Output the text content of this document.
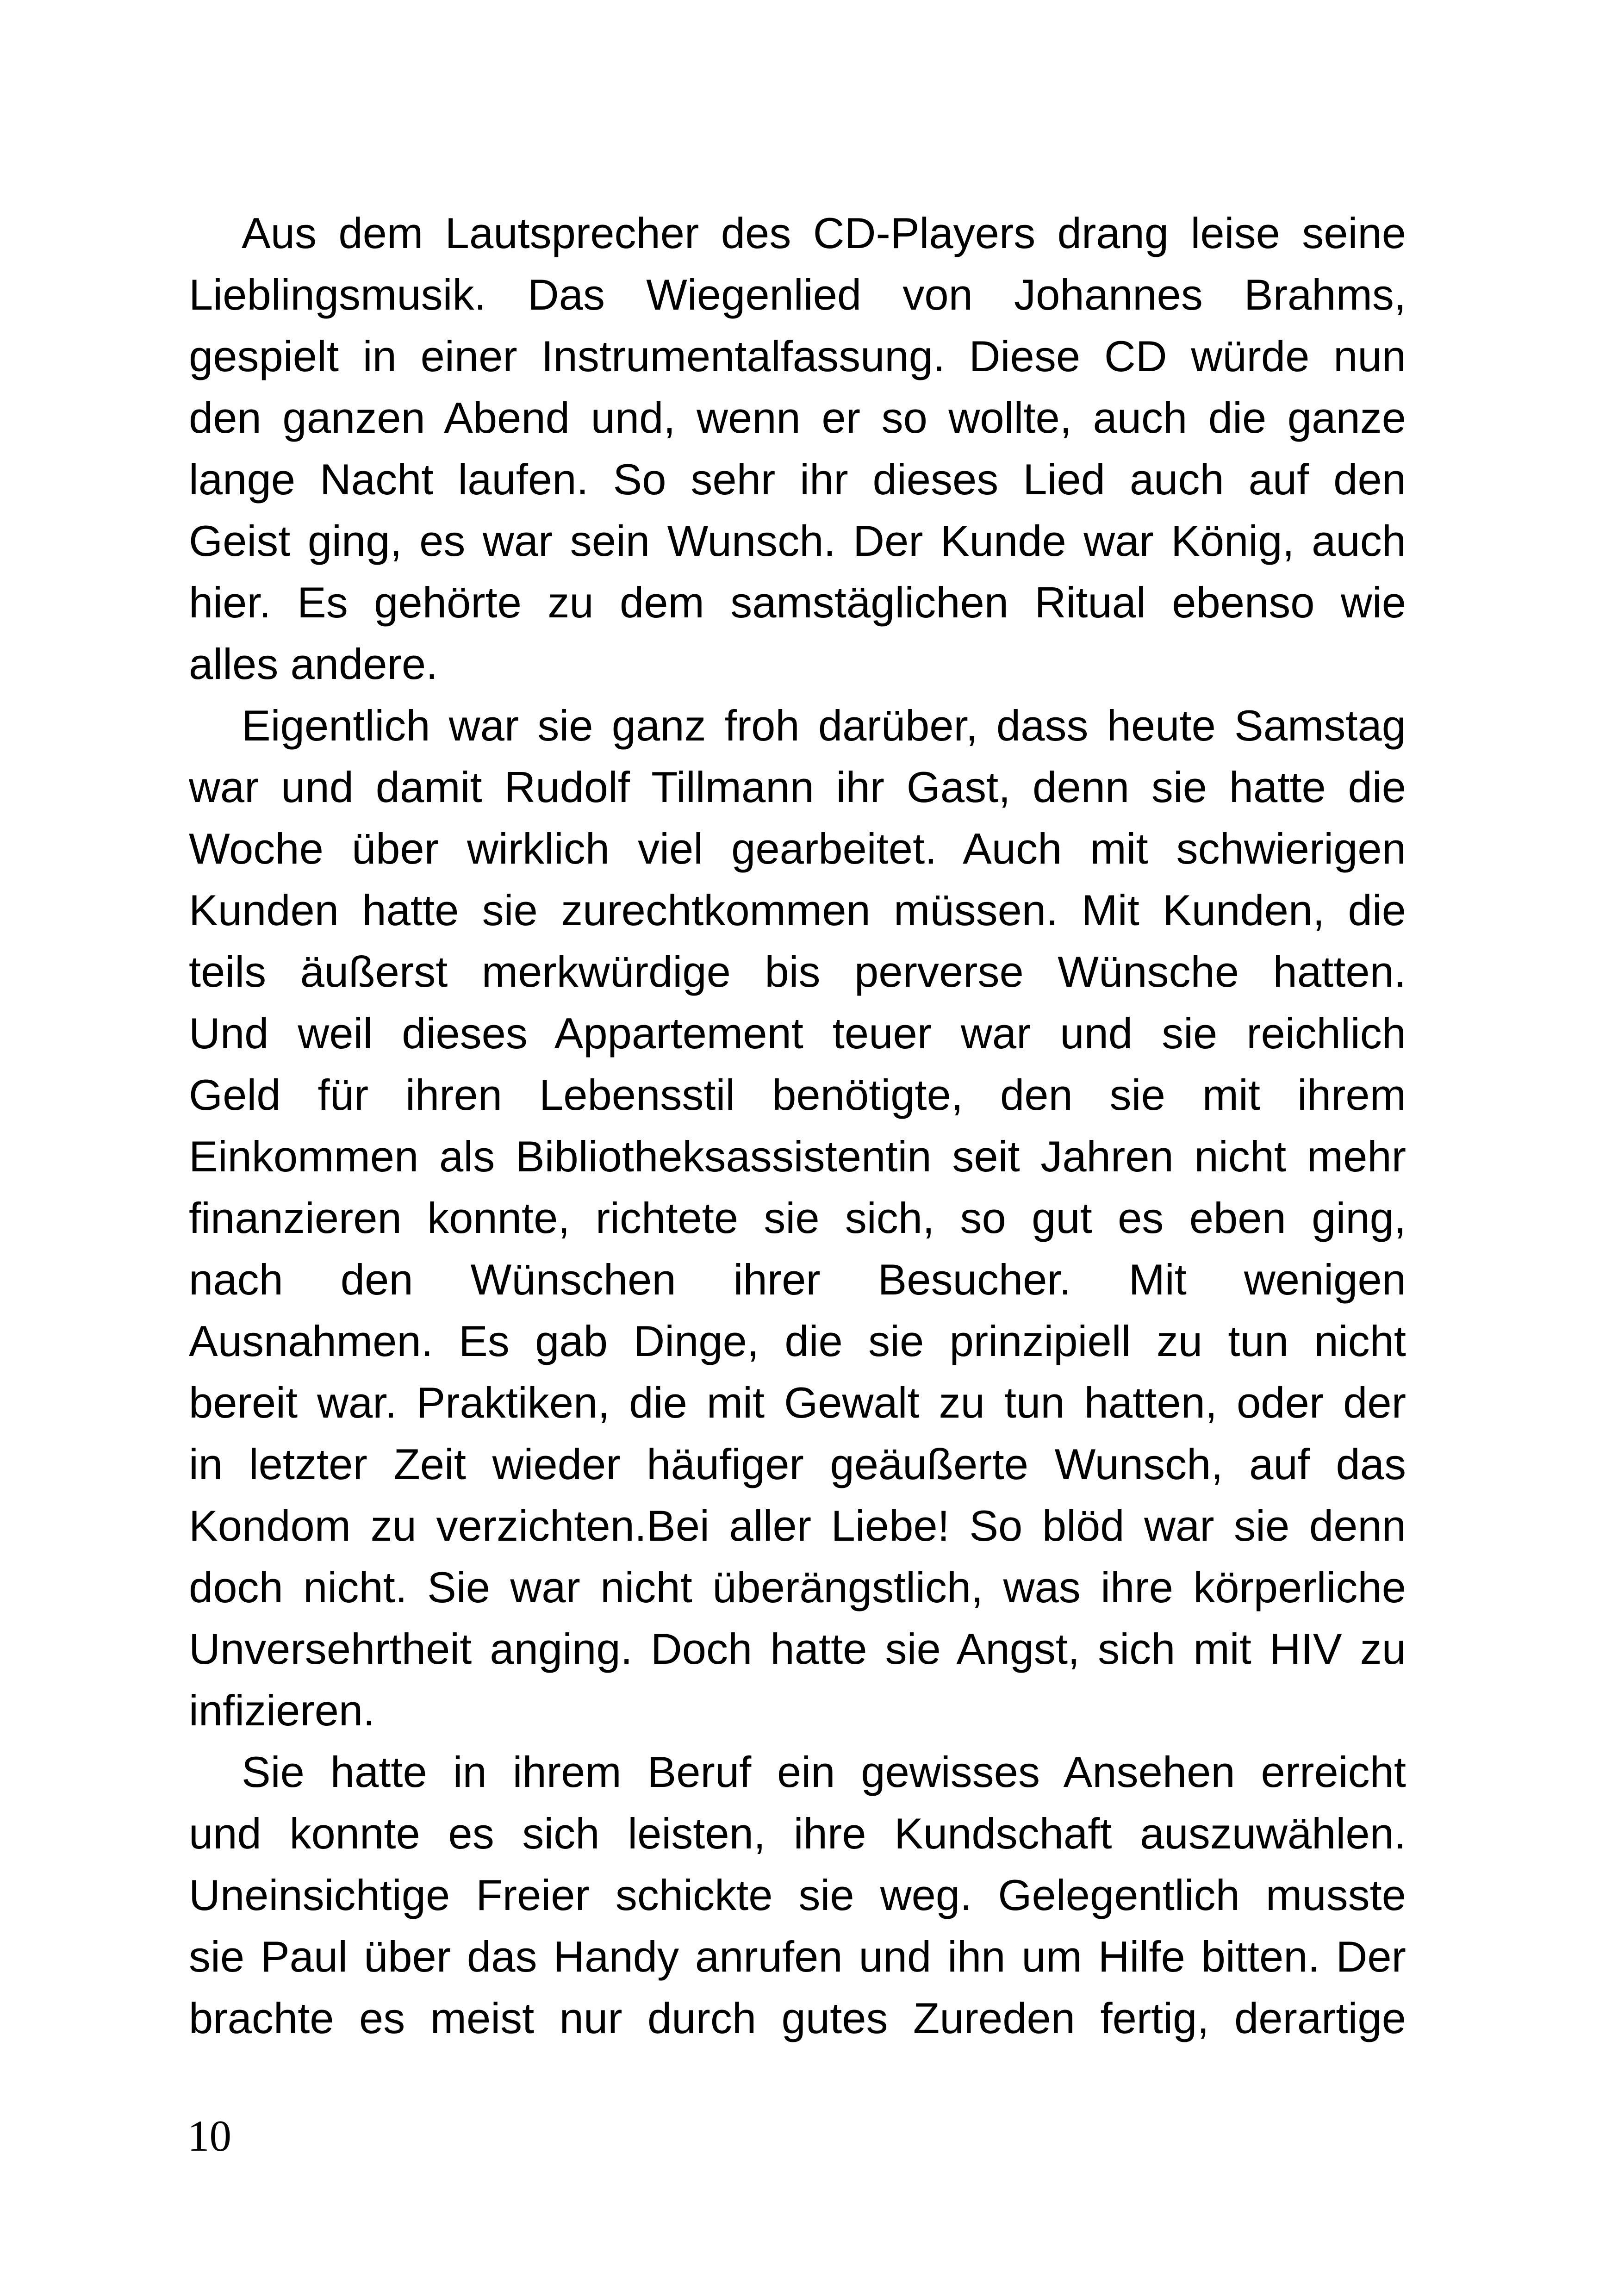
Aus dem Lautsprecher des CD-Players drang leise seine
Lieblingsmusik. Das Wiegenlied von Johannes Brahms,
gespielt in einer Instrumentalfassung. Diese CD würde nun
den ganzen Abend und, wenn er so wollte, auch die ganze
lange Nacht laufen. So sehr ihr dieses Lied auch auf den
Geist ging, es war sein Wunsch. Der Kunde war König, auch
hier. Es gehörte zu dem samstäglichen Ritual ebenso wie
alles andere.
Eigentlich war sie ganz froh darüber, dass heute Samstag
war und damit Rudolf Tillmann ihr Gast, denn sie hatte die
Woche über wirklich viel gearbeitet. Auch mit schwierigen
Kunden hatte sie zurechtkommen müssen. Mit Kunden, die
teils äußerst merkwürdige bis perverse Wünsche hatten.
Und weil dieses Appartement teuer war und sie reichlich
Geld für ihren Lebensstil benötigte, den sie mit ihrem
Einkommen als Bibliotheksassistentin seit Jahren nicht mehr
finanzieren konnte, richtete sie sich, so gut es eben ging,
nach den Wünschen ihrer Besucher. Mit wenigen
Ausnahmen. Es gab Dinge, die sie prinzipiell zu tun nicht
bereit war. Praktiken, die mit Gewalt zu tun hatten, oder der
in letzter Zeit wieder häufiger geäußerte Wunsch, auf das
Kondom zu verzichten.Bei aller Liebe! So blöd war sie denn
doch nicht. Sie war nicht überängstlich, was ihre körperliche
Unversehrtheit anging. Doch hatte sie Angst, sich mit HIV zu
infizieren.
Sie hatte in ihrem Beruf ein gewisses Ansehen erreicht
und konnte es sich leisten, ihre Kundschaft auszuwählen.
Uneinsichtige Freier schickte sie weg. Gelegentlich musste
sie Paul über das Handy anrufen und ihn um Hilfe bitten. Der
brachte es meist nur durch gutes Zureden fertig, derartige
10
